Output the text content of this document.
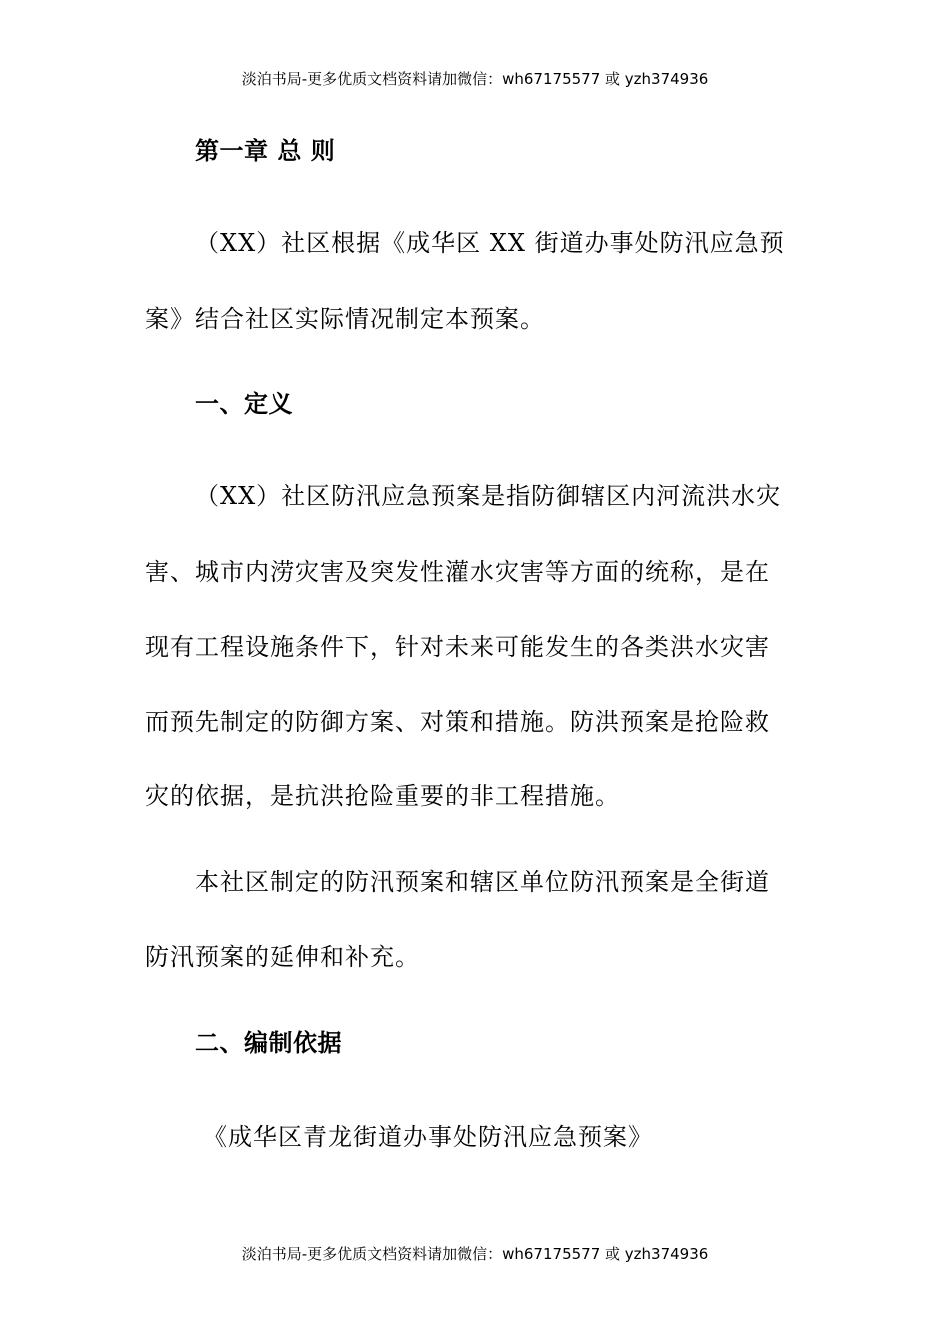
淡泊书局-更多优质文档资料请加微信：wh67175577 或 yzh374936
第一章 总 则
（XX）社区根据《成华区 XX 街道办事处防汛应急预
案》结合社区实际情况制定本预案。
一、定义
（XX）社区防汛应急预案是指防御辖区内河流洪水灾
害、城市内涝灾害及突发性灌水灾害等方面的统称，是在
现有工程设施条件下，针对未来可能发生的各类洪水灾害
而预先制定的防御方案、对策和措施。防洪预案是抢险救
灾的依据，是抗洪抢险重要的非工程措施。
本社区制定的防汛预案和辖区单位防汛预案是全街道
防汛预案的延伸和补充。
二、编制依据
《成华区青龙街道办事处防汛应急预案》
淡泊书局-更多优质文档资料请加微信：wh67175577 或 yzh374936
